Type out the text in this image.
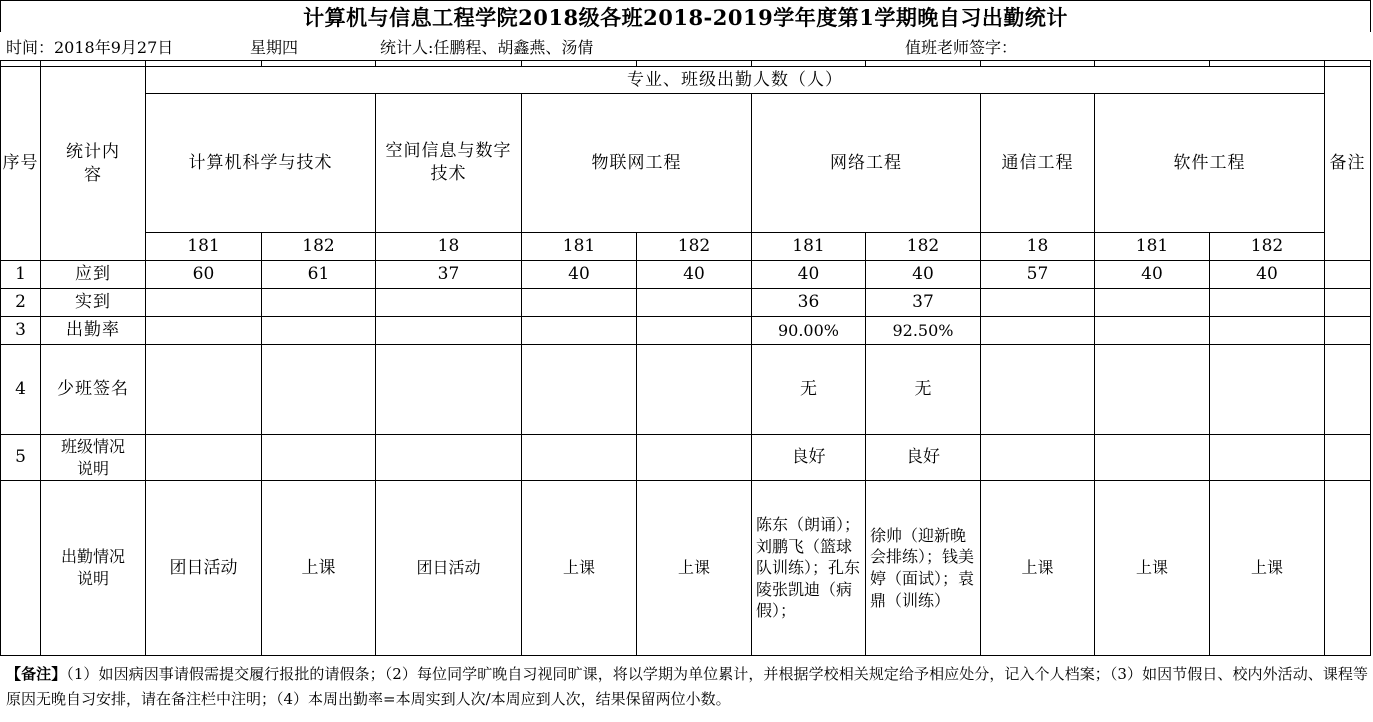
计算机与信息工程学院2018级各班2018-2019学年度第1学期晚自习出勤统计
时间：2018年9月27日	星期四	统计人:任鹏程、胡鑫燕、汤倩	值班老师签字：

序号	统计内容	专业、班级出勤人数（人）										备注
		计算机科学与技术		空间信息与数字技术	物联网工程		网络工程		通信工程	软件工程		
		181	182	18	181	182	181	182	18	181	182	
1	应到	60	61	37	40	40	40	40	57	40	40	
2	实到						36	37				
3	出勤率						90.00%	92.50%				
4	少班签名						无	无				
5	班级情况说明						良好	良好				
	出勤情况说明	团日活动	上课	团日活动	上课	上课	陈东（朗诵）；刘鹏飞（篮球队训练）；孔东陵张凯迪（病假）；	徐帅（迎新晚会排练）；钱美婷（面试）；袁鼎（训练）	上课	上课	上课	
【备注】（1）如因病因事请假需提交履行报批的请假条；（2）每位同学旷晚自习视同旷课，将以学期为单位累计，并根据学校相关规定给予相应处分，记入个人档案；（3）如因节假日、校内外活动、课程等原因无晚自习安排，请在备注栏中注明；（4）本周出勤率=本周实到人次/本周应到人次，结果保留两位小数。
